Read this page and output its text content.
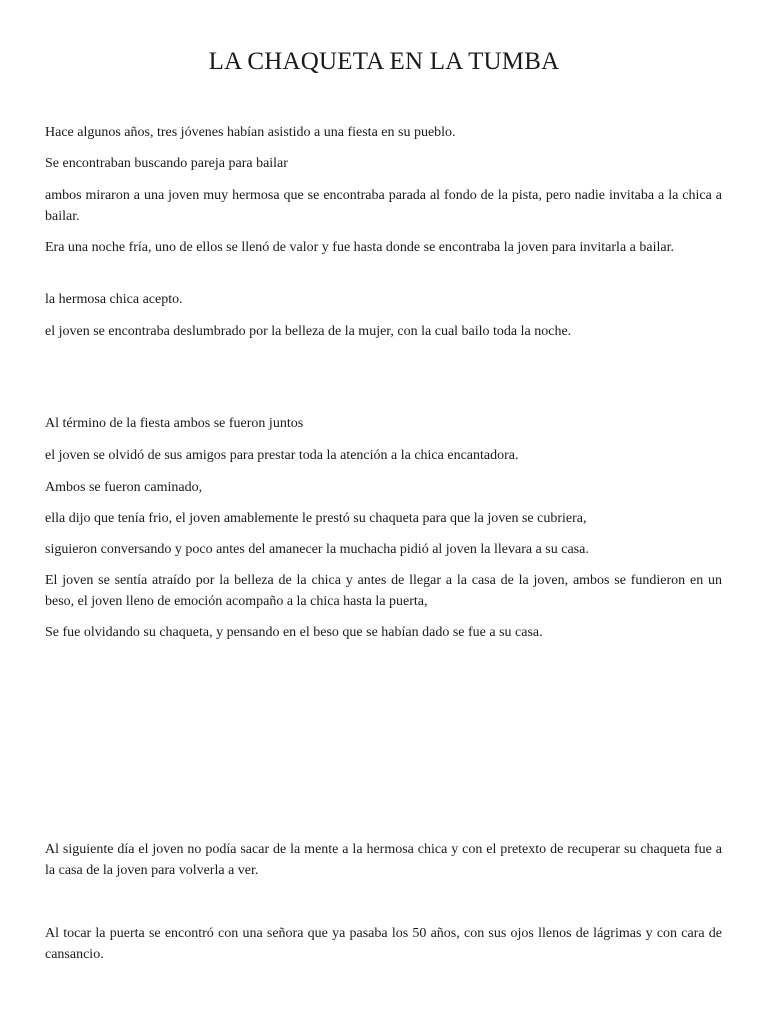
LA CHAQUETA EN LA TUMBA

Hace algunos años, tres jóvenes habían asistido a una fiesta en su pueblo.

Se encontraban buscando pareja para bailar

ambos miraron a una joven muy hermosa que se encontraba parada al fondo de la pista, pero nadie invitaba a la chica a bailar.

Era una noche fría, uno de ellos se llenó de valor y fue hasta donde se encontraba la joven para invitarla a bailar.

la hermosa chica acepto.

el joven se encontraba deslumbrado por la belleza de la mujer, con la cual bailo toda la noche.

Al término de la fiesta ambos se fueron juntos

el joven se olvidó de sus amigos para prestar toda la atención a la chica encantadora.

Ambos se fueron caminado,

ella dijo que tenía frio, el joven amablemente le prestó su chaqueta para que la joven se cubriera,

siguieron conversando y poco antes del amanecer la muchacha pidió al joven la llevara a su casa.

El joven se sentía atraído por la belleza de la chica y antes de llegar a la casa de la joven, ambos se fundieron en un beso, el joven lleno de emoción acompaño a la chica hasta la puerta,

Se fue olvidando su chaqueta, y pensando en el beso que se habían dado se fue a su casa.

Al siguiente día el joven no podía sacar de la mente a la hermosa chica y con el pretexto de recuperar su chaqueta fue a la casa de la joven para volverla a ver.

Al tocar la puerta se encontró con una señora que ya pasaba los 50 años, con sus ojos llenos de lágrimas y con cara de cansancio.
